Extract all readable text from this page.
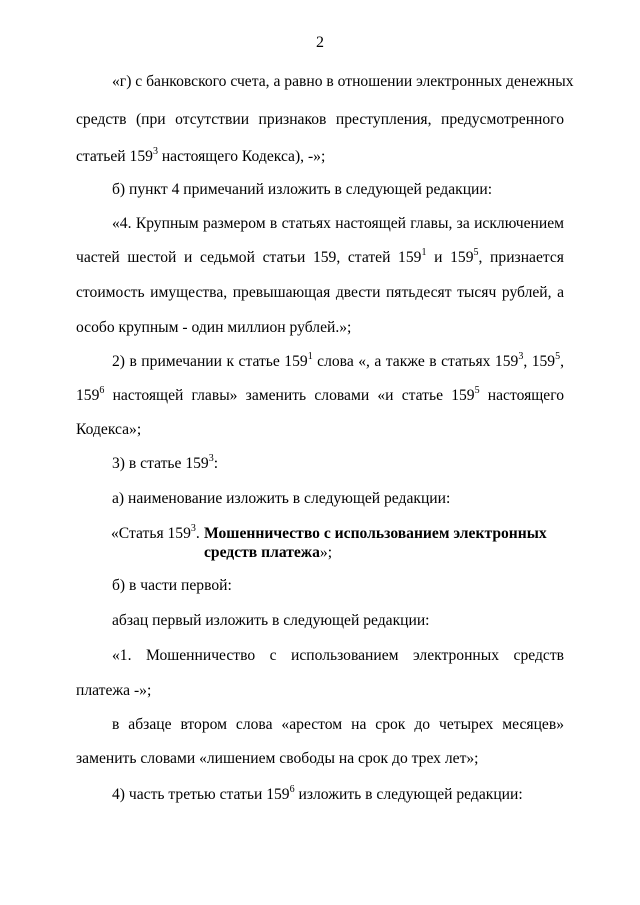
2
«г) с банковского счета, а равно в отношении электронных денежных
средств (при отсутствии признаков преступления, предусмотренного
статьей $159^3$ настоящего Кодекса), -»;
б) пункт 4 примечаний изложить в следующей редакции:
«4. Крупным размером в статьях настоящей главы, за исключением
частей шестой и седьмой статьи 159, статей $159^1$ и $159^5$, признается
стоимость имущества, превышающая двести пятьдесят тысяч рублей, а
особо крупным - один миллион рублей.»;
2) в примечании к статье $159^1$ слова «, а также в статьях $159^3$, $159^5$,
$159^6$ настоящей главы» заменить словами «и статье $159^5$ настоящего
Кодекса»;
3) в статье $159^3$:
а) наименование изложить в следующей редакции:
«Статья $159^3$. Мошенничество с использованием электронных
средств платежа»;
б) в части первой:
абзац первый изложить в следующей редакции:
«1. Мошенничество с использованием электронных средств
платежа -»;
в абзаце втором слова «арестом на срок до четырех месяцев»
заменить словами «лишением свободы на срок до трех лет»;
4) часть третью статьи $159^6$ изложить в следующей редакции:
